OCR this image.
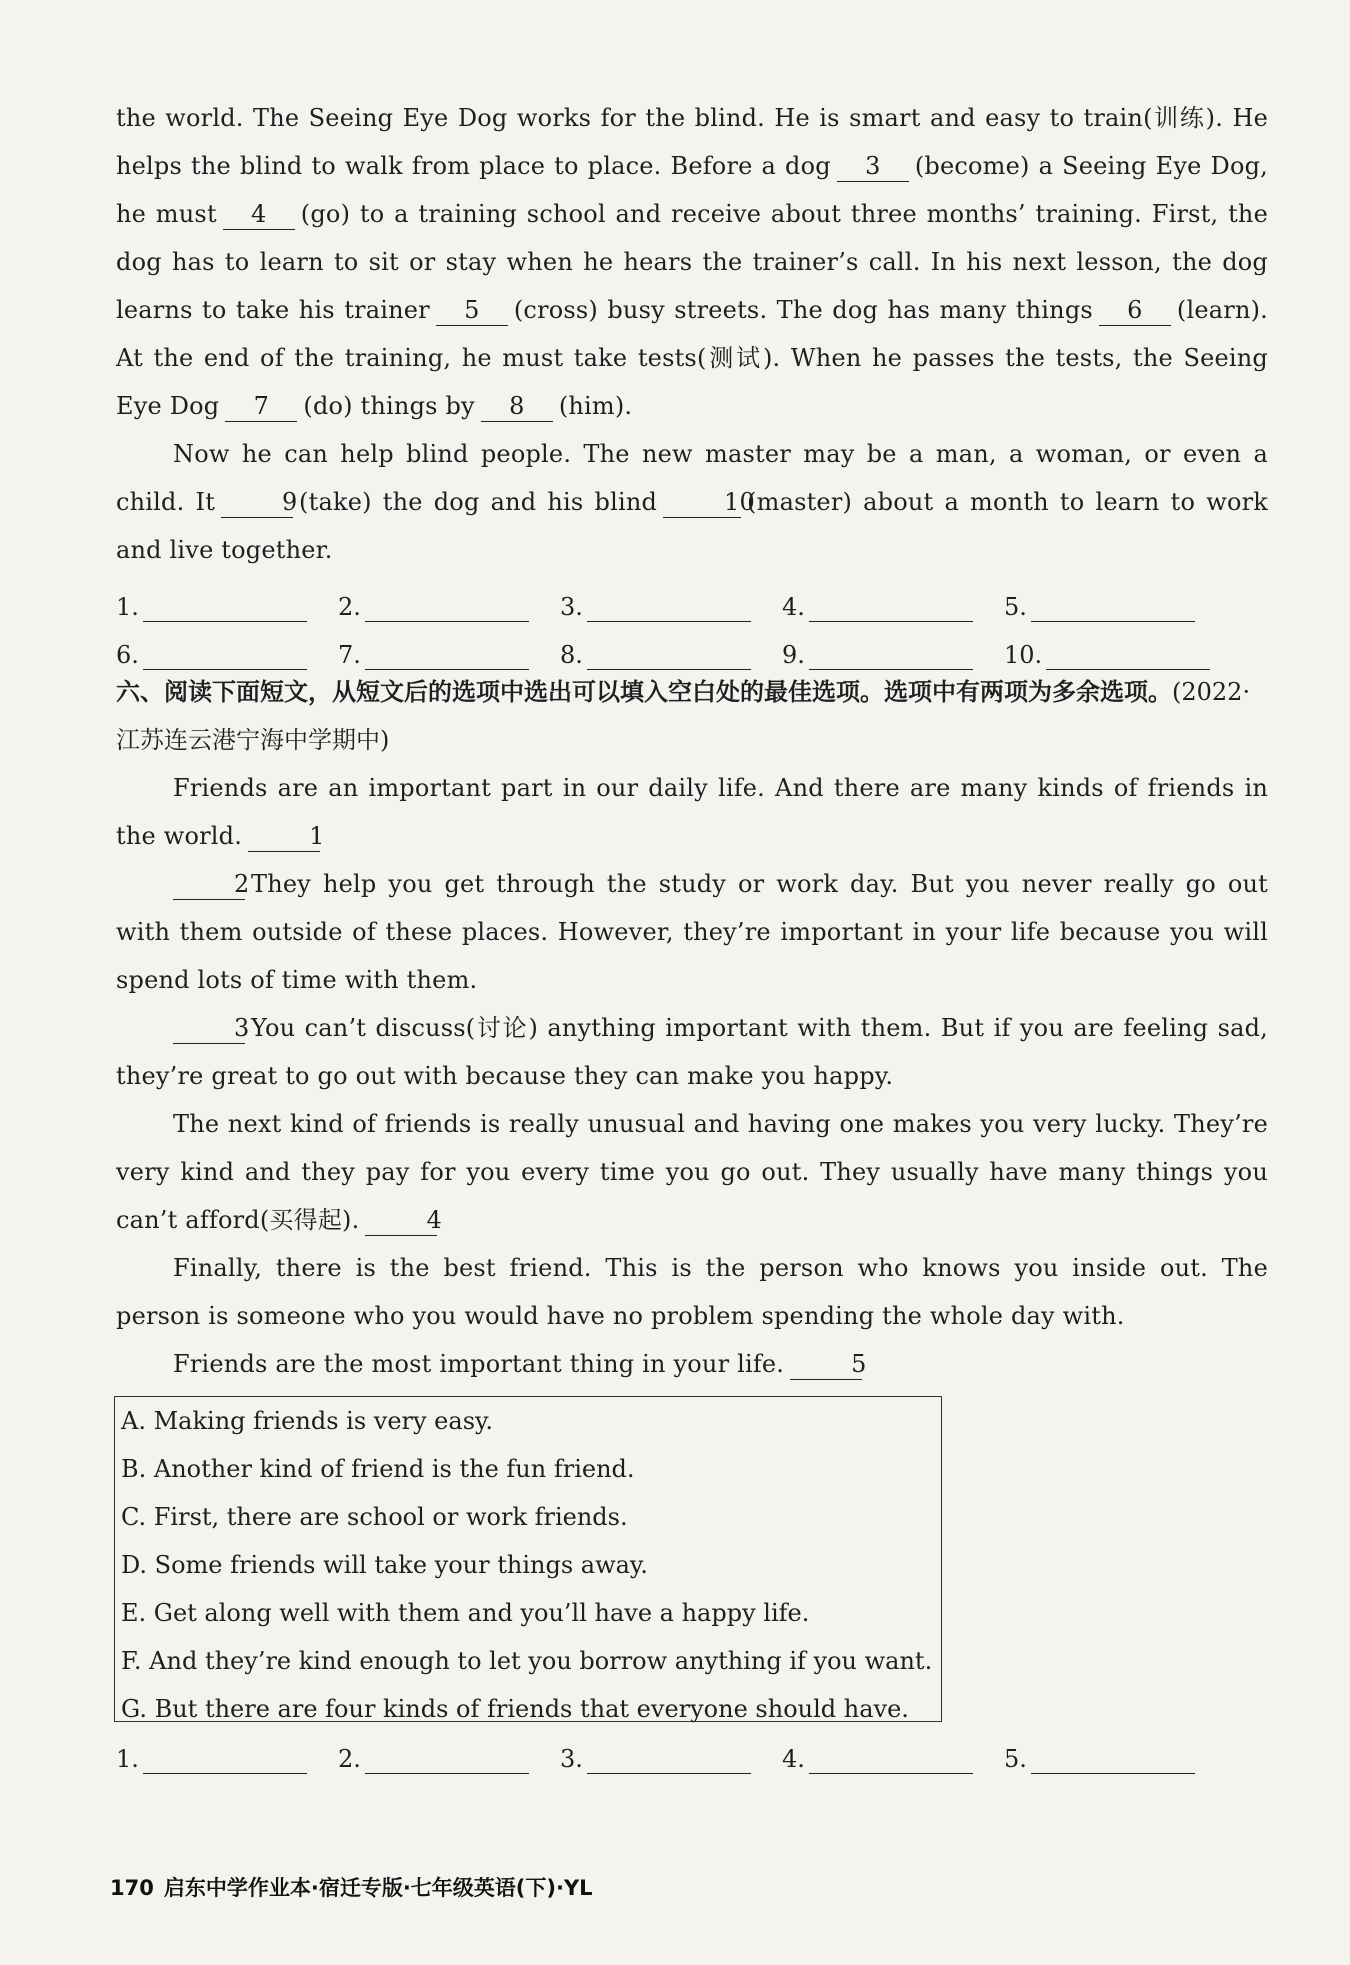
the world. The Seeing Eye Dog works for the blind. He is smart and easy to train(训练). He helps the blind to walk from place to place. Before a dog 3 (become) a Seeing Eye Dog, he must 4 (go) to a training school and receive about three months’ training. First, the dog has to learn to sit or stay when he hears the trainer’s call. In his next lesson, the dog learns to take his trainer 5 (cross) busy streets. The dog has many things 6 (learn). At the end of the training, he must take tests(测试). When he passes the tests, the Seeing Eye Dog 7 (do) things by 8 (him).

Now he can help blind people. The new master may be a man, a woman, or even a child. It	9(take) the dog and his blind	10(master) about a month to learn to work and live together.

1.	2.	3.	4.	5.
6.	7.	8.	9.	10.

六、阅读下面短文，从短文后的选项中选出可以填入空白处的最佳选项。选项中有两项为多余选项。(2022·江苏连云港宁海中学期中)

Friends are an important part in our daily life. And there are many kinds of friends in the world.	1

2They help you get through the study or work day. But you never really go out with them outside of these places. However, they’re important in your life because you will spend lots of time with them.

3You can’t discuss(讨论) anything important with them. But if you are feeling sad, they’re great to go out with because they can make you happy.

The next kind of friends is really unusual and having one makes you very lucky. They’re very kind and they pay for you every time you go out. They usually have many things you can’t afford(买得起).	4

Finally, there is the best friend. This is the person who knows you inside out. The person is someone who you would have no problem spending the whole day with.

Friends are the most important thing in your life.	5

A. Making friends is very easy.
B. Another kind of friend is the fun friend.
C. First, there are school or work friends.
D. Some friends will take your things away.
E. Get along well with them and you’ll have a happy life.
F. And they’re kind enough to let you borrow anything if you want.
G. But there are four kinds of friends that everyone should have.
1.	2.	3.	4.	5.
170 启东中学作业本·宿迁专版·七年级英语(下)·YL
